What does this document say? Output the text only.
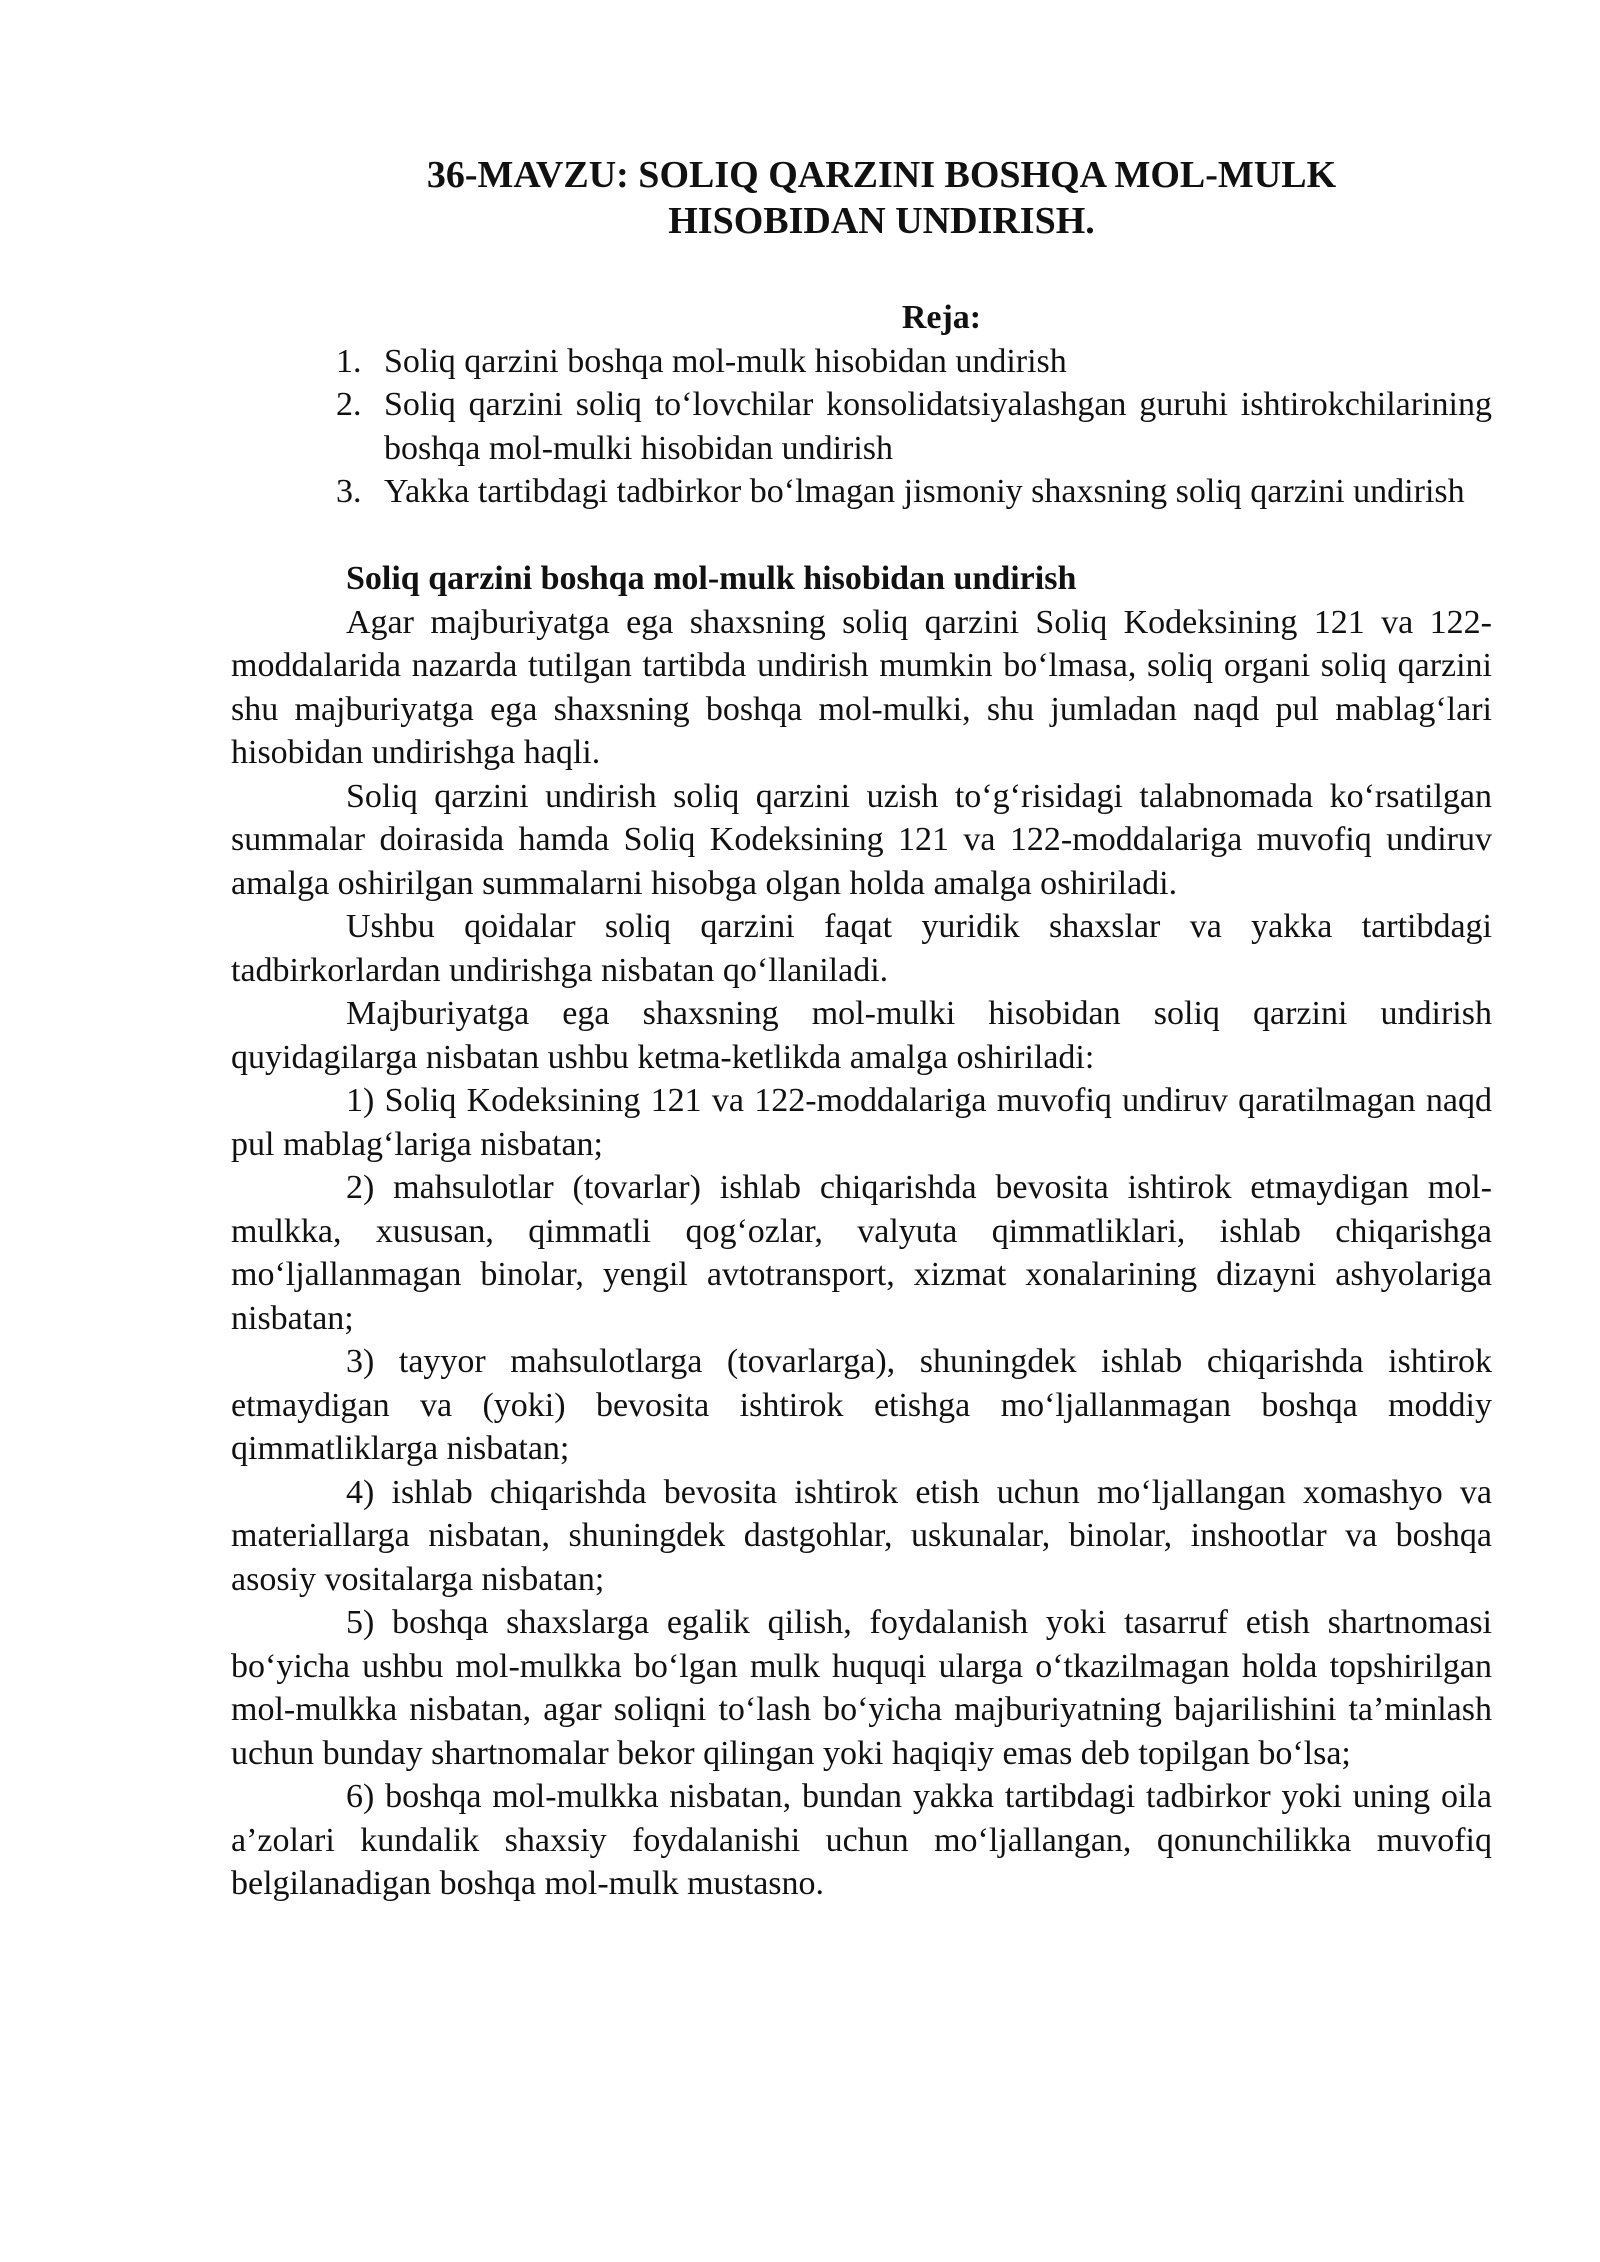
36-MAVZU: SOLIQ QARZINI BOSHQA MOL-MULK
HISOBIDAN UNDIRISH.

Reja:

1. Soliq qarzini boshqa mol-mulk hisobidan undirish
2. Soliq qarzini soliq to‘lovchilar konsolidatsiyalashgan guruhi ishtirokchilarining boshqa mol-mulki hisobidan undirish
3. Yakka tartibdagi tadbirkor bo‘lmagan jismoniy shaxsning soliq qarzini undirish

Soliq qarzini boshqa mol-mulk hisobidan undirish

Agar majburiyatga ega shaxsning soliq qarzini Soliq Kodeksining 121 va 122-moddalarida nazarda tutilgan tartibda undirish mumkin bo‘lmasa, soliq organi soliq qarzini shu majburiyatga ega shaxsning boshqa mol-mulki, shu jumladan naqd pul mablag‘lari hisobidan undirishga haqli.

Soliq qarzini undirish soliq qarzini uzish to‘g‘risidagi talabnomada ko‘rsatilgan summalar doirasida hamda Soliq Kodeksining 121 va 122-moddalariga muvofiq undiruv amalga oshirilgan summalarni hisobga olgan holda amalga oshiriladi.

Ushbu qoidalar soliq qarzini faqat yuridik shaxslar va yakka tartibdagi tadbirkorlardan undirishga nisbatan qo‘llaniladi.

Majburiyatga ega shaxsning mol-mulki hisobidan soliq qarzini undirish quyidagilarga nisbatan ushbu ketma-ketlikda amalga oshiriladi:

1) Soliq Kodeksining 121 va 122-moddalariga muvofiq undiruv qaratilmagan naqd pul mablag‘lariga nisbatan;

2) mahsulotlar (tovarlar) ishlab chiqarishda bevosita ishtirok etmaydigan mol-mulkka, xususan, qimmatli qog‘ozlar, valyuta qimmatliklari, ishlab chiqarishga mo‘ljallanmagan binolar, yengil avtotransport, xizmat xonalarining dizayni ashyolariga nisbatan;

3) tayyor mahsulotlarga (tovarlarga), shuningdek ishlab chiqarishda ishtirok etmaydigan va (yoki) bevosita ishtirok etishga mo‘ljallanmagan boshqa moddiy qimmatliklarga nisbatan;

4) ishlab chiqarishda bevosita ishtirok etish uchun mo‘ljallangan xomashyo va materiallarga nisbatan, shuningdek dastgohlar, uskunalar, binolar, inshootlar va boshqa asosiy vositalarga nisbatan;

5) boshqa shaxslarga egalik qilish, foydalanish yoki tasarruf etish shartnomasi bo‘yicha ushbu mol-mulkka bo‘lgan mulk huquqi ularga o‘tkazilmagan holda topshirilgan mol-mulkka nisbatan, agar soliqni to‘lash bo‘yicha majburiyatning bajarilishini ta’minlash uchun bunday shartnomalar bekor qilingan yoki haqiqiy emas deb topilgan bo‘lsa;

6) boshqa mol-mulkka nisbatan, bundan yakka tartibdagi tadbirkor yoki uning oila a’zolari kundalik shaxsiy foydalanishi uchun mo‘ljallangan, qonunchilikka muvofiq belgilanadigan boshqa mol-mulk mustasno.
